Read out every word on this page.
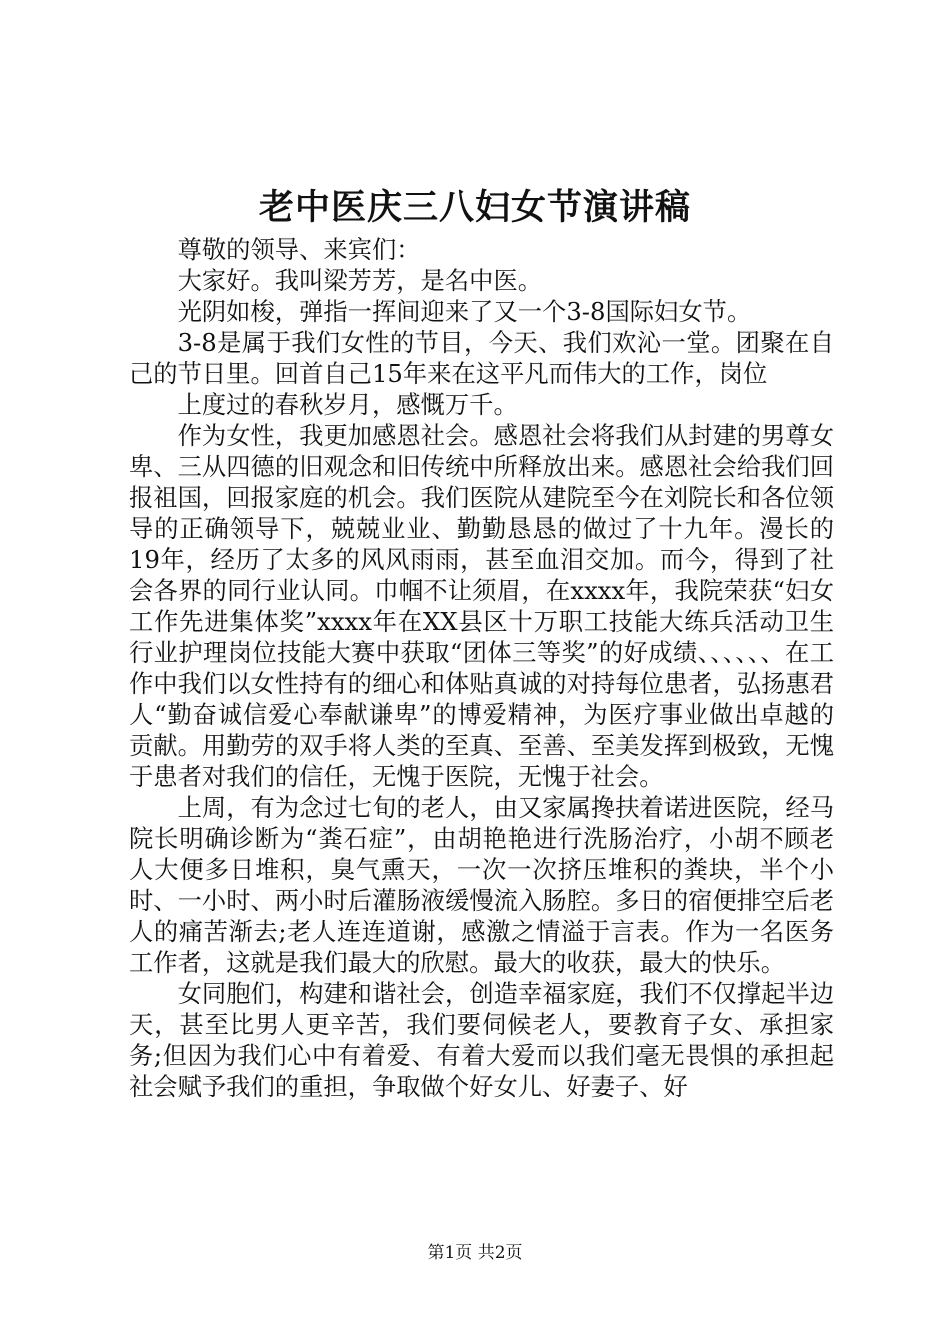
老中医庆三八妇女节演讲稿

尊敬的领导、来宾们：

大家好。我叫梁芳芳，是名中医。

光阴如梭，弹指一挥间迎来了又一个3-8国际妇女节。

3-8是属于我们女性的节目，今天、我们欢沁一堂。团聚在自己的节日里。回首自己15年来在这平凡而伟大的工作，岗位

上度过的春秋岁月，感慨万千。

作为女性，我更加感恩社会。感恩社会将我们从封建的男尊女卑、三从四德的旧观念和旧传统中所释放出来。感恩社会给我们回报祖国，回报家庭的机会。我们医院从建院至今在刘院长和各位领导的正确领导下，兢兢业业、勤勤恳恳的做过了十九年。漫长的19年，经历了太多的风风雨雨，甚至血泪交加。而今，得到了社会各界的同行业认同。巾帼不让须眉，在xxxx年，我院荣获“妇女工作先进集体奖”xxxx年在XX县区十万职工技能大练兵活动卫生行业护理岗位技能大赛中获取“团体三等奖”的好成绩、、、、、、在工作中我们以女性持有的细心和体贴真诚的对持每位患者，弘扬惠君人“勤奋诚信爱心奉献谦卑”的博爱精神，为医疗事业做出卓越的贡献。用勤劳的双手将人类的至真、至善、至美发挥到极致，无愧于患者对我们的信任，无愧于医院，无愧于社会。

上周，有为念过七旬的老人，由又家属搀扶着诺进医院，经马院长明确诊断为“粪石症”，由胡艳艳进行洗肠治疗，小胡不顾老人大便多日堆积，臭气熏天，一次一次挤压堆积的粪块，半个小时、一小时、两小时后灌肠液缓慢流入肠腔。多日的宿便排空后老人的痛苦渐去;老人连连道谢，感激之情溢于言表。作为一名医务工作者，这就是我们最大的欣慰。最大的收获，最大的快乐。

女同胞们，构建和谐社会，创造幸福家庭，我们不仅撑起半边天，甚至比男人更辛苦，我们要伺候老人，要教育子女、承担家务;但因为我们心中有着爱、有着大爱而以我们毫无畏惧的承担起社会赋予我们的重担，争取做个好女儿、好妻子、好

第1页 共2页
